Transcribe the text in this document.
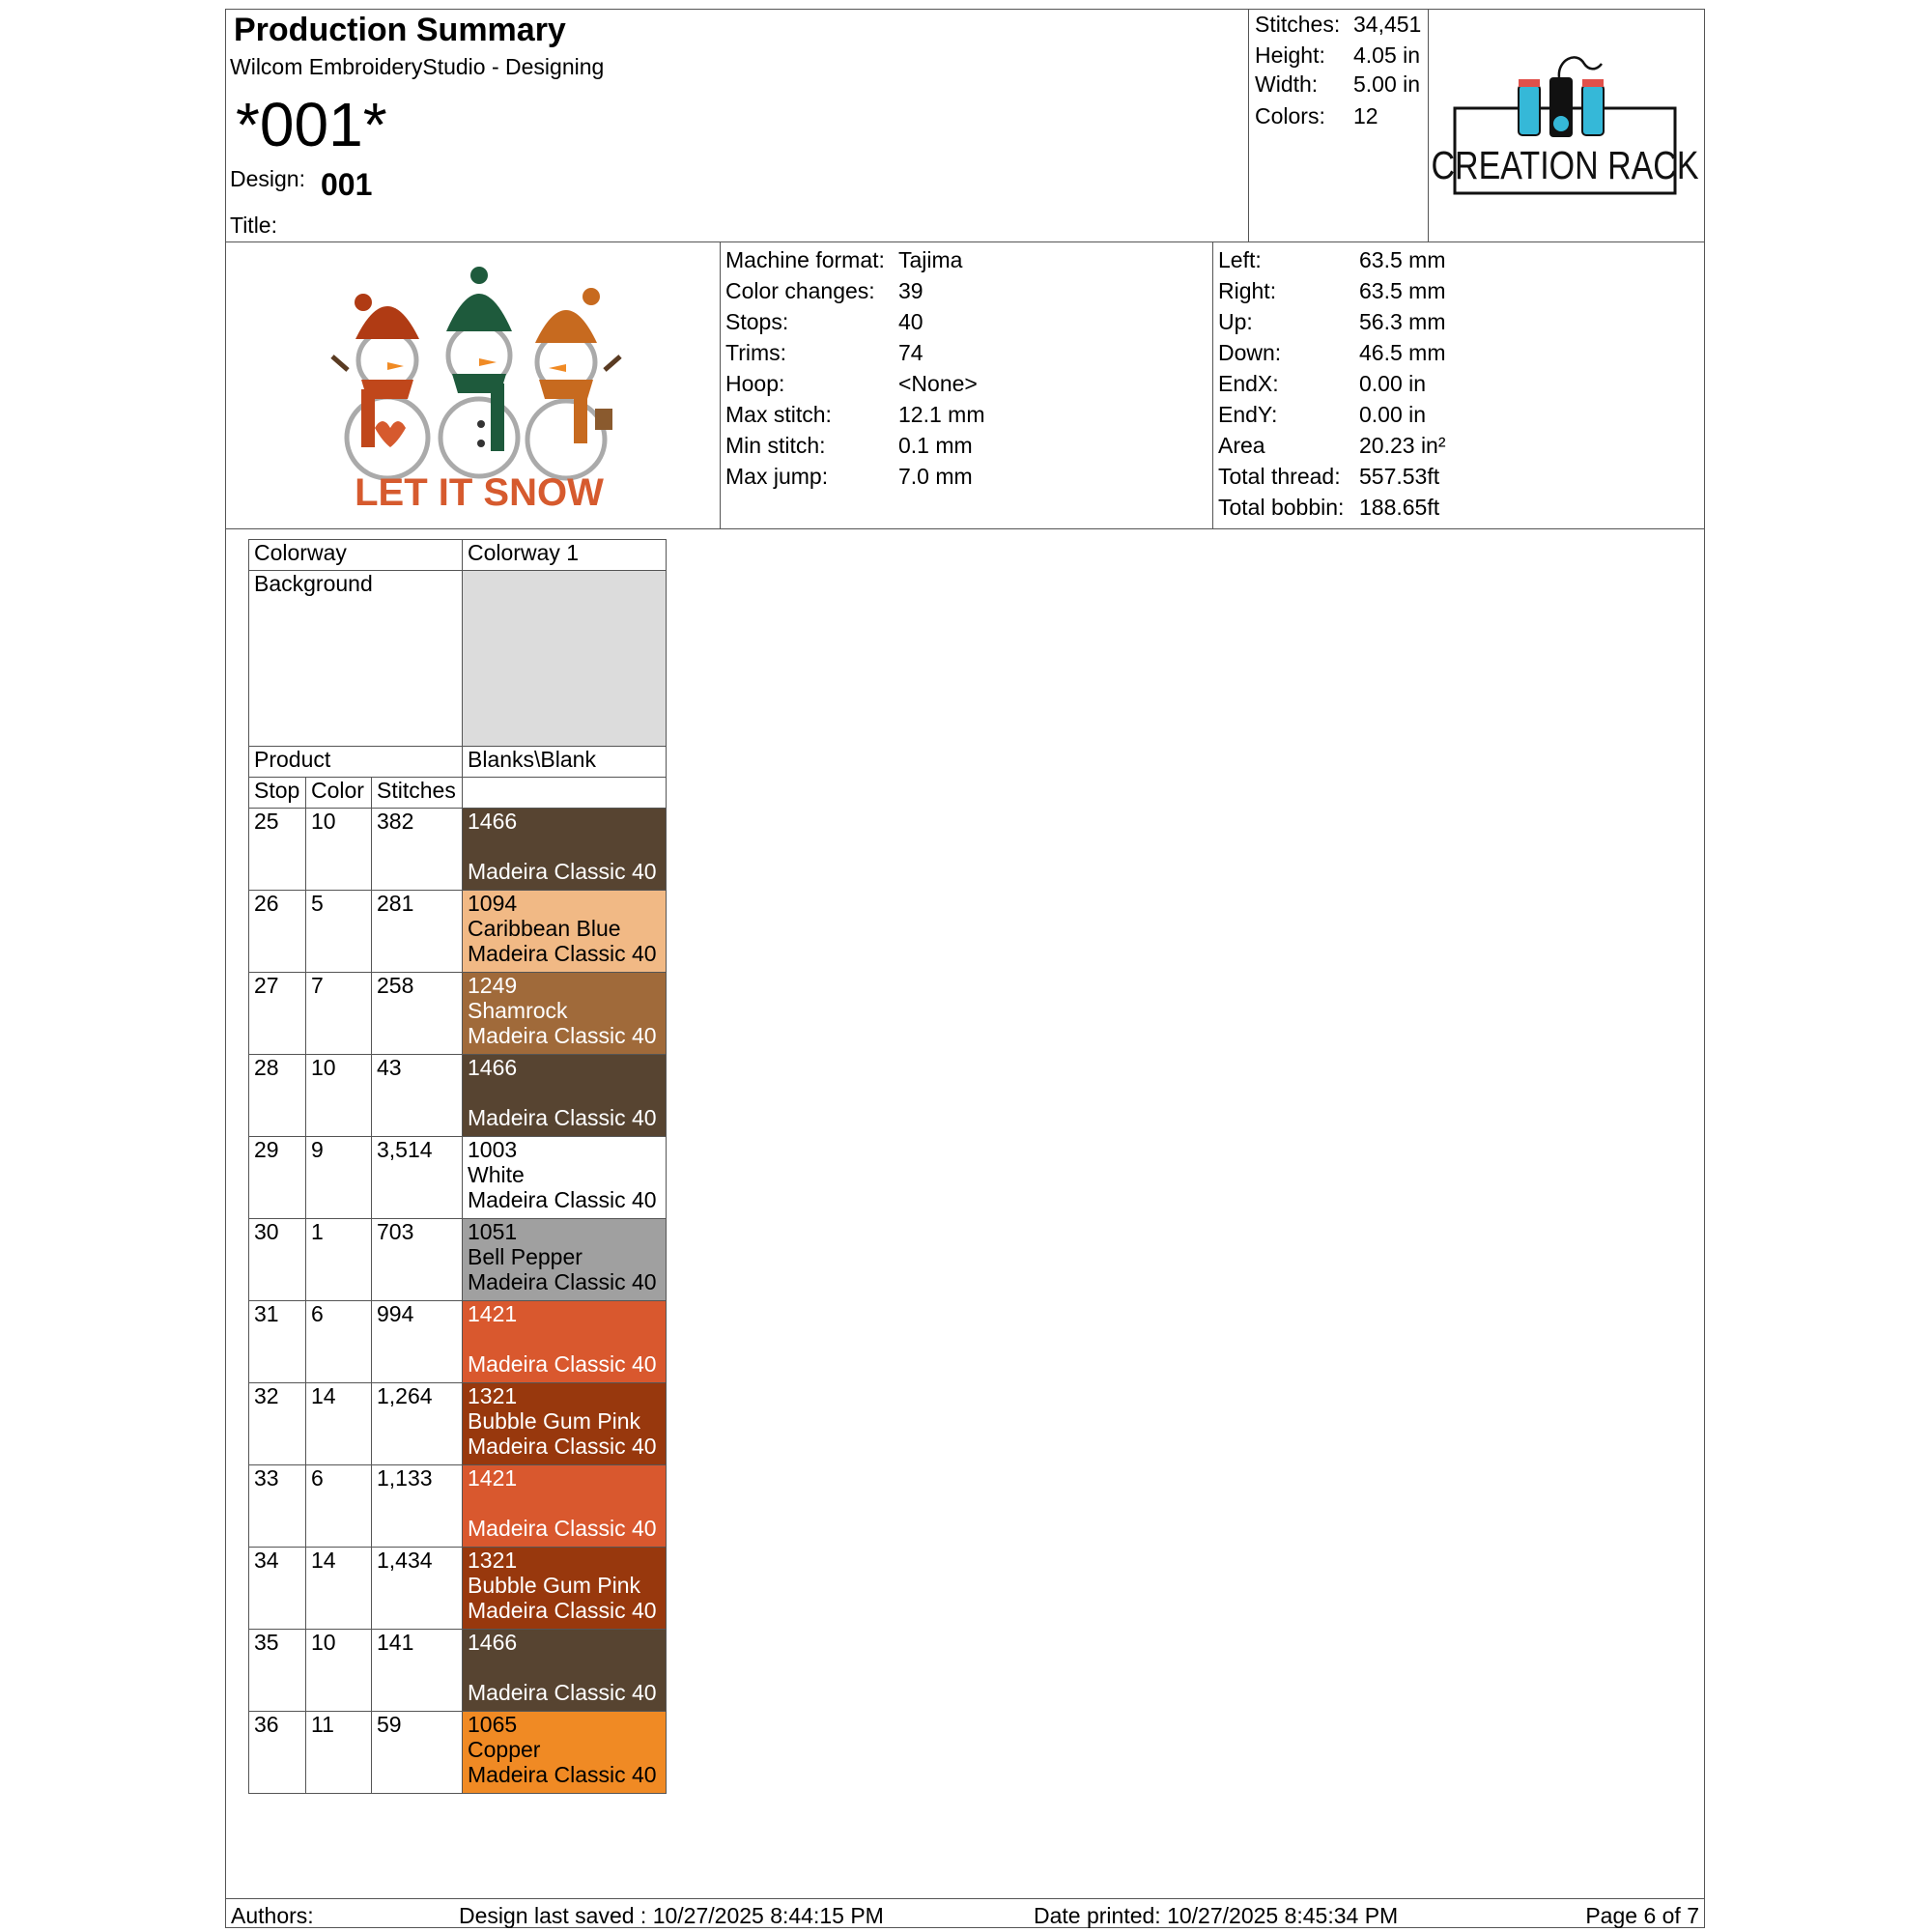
Production Summary
Wilcom EmbroideryStudio - Designing
*001*
Design: 001
Title:
Stitches: 34,451
Height: 4.05 in
Width: 5.00 in
Colors: 12
CREATION RACK
LET IT SNOW
Colorway			Colorway 1
Background			
Product			Blanks\Blank
Stop	Color	Stitches	
25	10	382	1466
Madeira Classic 40

26	5	281	1094
Caribbean Blue
Madeira Classic 40

27	7	258	1249
Shamrock
Madeira Classic 40

28	10	43	1466
Madeira Classic 40

29	9	3,514	1003
White
Madeira Classic 40

30	1	703	1051
Bell Pepper
Madeira Classic 40

31	6	994	1421
Madeira Classic 40

32	14	1,264	1321
Bubble Gum Pink
Madeira Classic 40

33	6	1,133	1421
Madeira Classic 40

34	14	1,434	1321
Bubble Gum Pink
Madeira Classic 40

35	10	141	1466
Madeira Classic 40

36	11	59	1065
Copper
Madeira Classic 40
Authors:	Design last saved : 10/27/2025 8:44:15 PM	Date printed: 10/27/2025 8:45:34 PM	Page 6 of 7
Machine format: Tajima
Color changes: 39
Stops:	40
Trims:	74
Hoop:	<None>
Max stitch:	12.1 mm
Min stitch:	0.1 mm
Max jump:	7.0 mm
Left:	63.5 mm
Right:	63.5 mm
Up:	56.3 mm
Down:	46.5 mm
EndX:	0.00 in
EndY:	0.00 in
Area	20.23 in²
Total thread: 557.53ft
Total bobbin: 188.65ft
